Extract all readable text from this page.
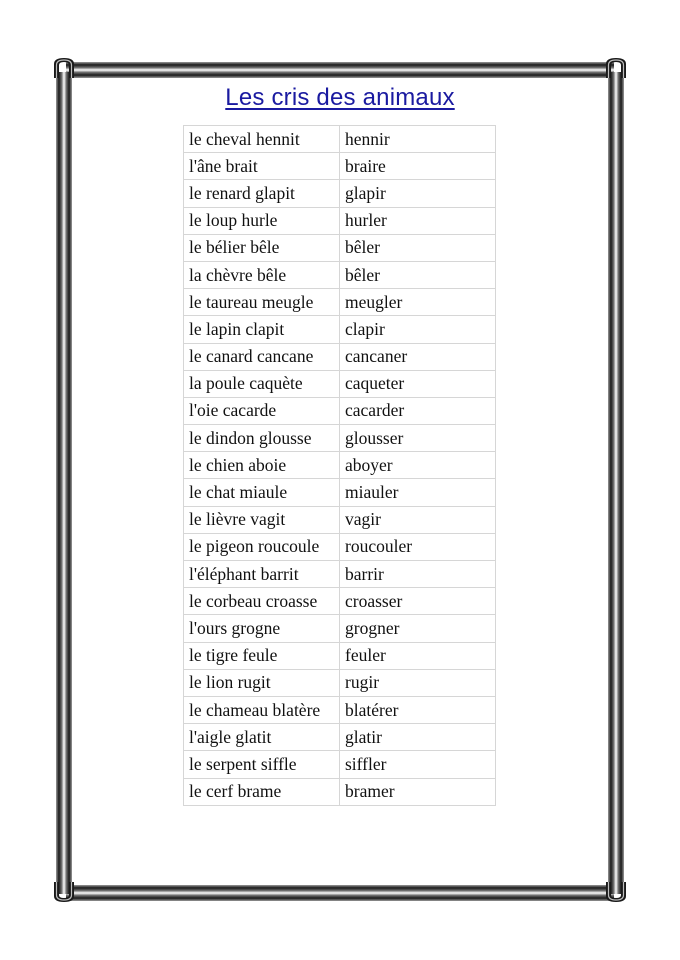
Les cris des animaux
le cheval hennit	hennir
l'âne brait	braire
le renard glapit	glapir
le loup hurle	hurler
le bélier bêle	bêler
la chèvre bêle	bêler
le taureau meugle	meugler
le lapin clapit	clapir
le canard cancane	cancaner
la poule caquète	caqueter
l'oie cacarde	cacarder
le dindon glousse	glousser
le chien aboie	aboyer
le chat miaule	miauler
le lièvre vagit	vagir
le pigeon roucoule	roucouler
l'éléphant barrit	barrir
le corbeau croasse	croasser
l'ours grogne	grogner
le tigre feule	feuler
le lion rugit	rugir
le chameau blatère	blatérer
l'aigle glatit	glatir
le serpent siffle	siffler
le cerf brame	bramer
